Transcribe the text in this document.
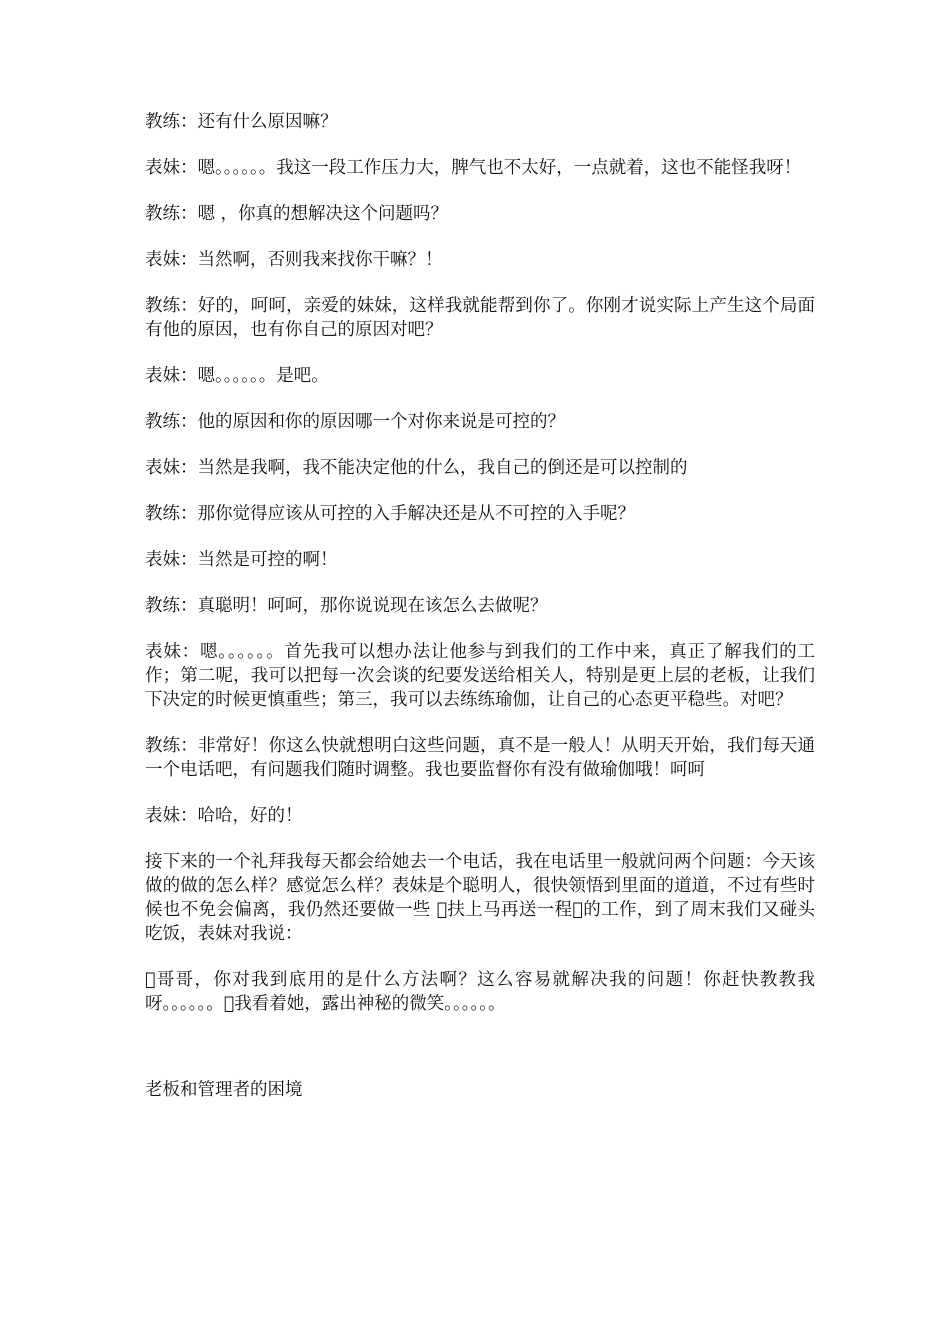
教练：还有什么原因嘛？

表妹：嗯。。。。。。我这一段工作压力大，脾气也不太好，一点就着，这也不能怪我呀！

教练：嗯 ，你真的想解决这个问题吗？

表妹：当然啊，否则我来找你干嘛？！

教练：好的，呵呵，亲爱的妹妹，这样我就能帮到你了。你刚才说实际上产生这个局面有他的原因，也有你自己的原因对吧？

表妹：嗯。。。。。。是吧。

教练：他的原因和你的原因哪一个对你来说是可控的？

表妹：当然是我啊，我不能决定他的什么，我自己的倒还是可以控制的

教练：那你觉得应该从可控的入手解决还是从不可控的入手呢？

表妹：当然是可控的啊！

教练：真聪明！呵呵，那你说说现在该怎么去做呢？

表妹：嗯。。。。。。首先我可以想办法让他参与到我们的工作中来，真正了解我们的工作；第二呢，我可以把每一次会谈的纪要发送给相关人，特别是更上层的老板，让我们下决定的时候更慎重些；第三，我可以去练练瑜伽，让自己的心态更平稳些。对吧？

教练：非常好！你这么快就想明白这些问题，真不是一般人！从明天开始，我们每天通一个电话吧，有问题我们随时调整。我也要监督你有没有做瑜伽哦！呵呵

表妹：哈哈，好的！

接下来的一个礼拜我每天都会给她去一个电话，我在电话里一般就问两个问题：今天该做的做的怎么样？感觉怎么样？表妹是个聪明人，很快领悟到里面的道道，不过有些时候也不免会偏离，我仍然还要做一些  扶上马再送一程 的工作，到了周末我们又碰头吃饭，表妹对我说：

 哥哥，你对我到底用的是什么方法啊？这么容易就解决我的问题！你赶快教教我呀。。。。。。 我看着她，露出神秘的微笑。。。。。。

老板和管理者的困境
